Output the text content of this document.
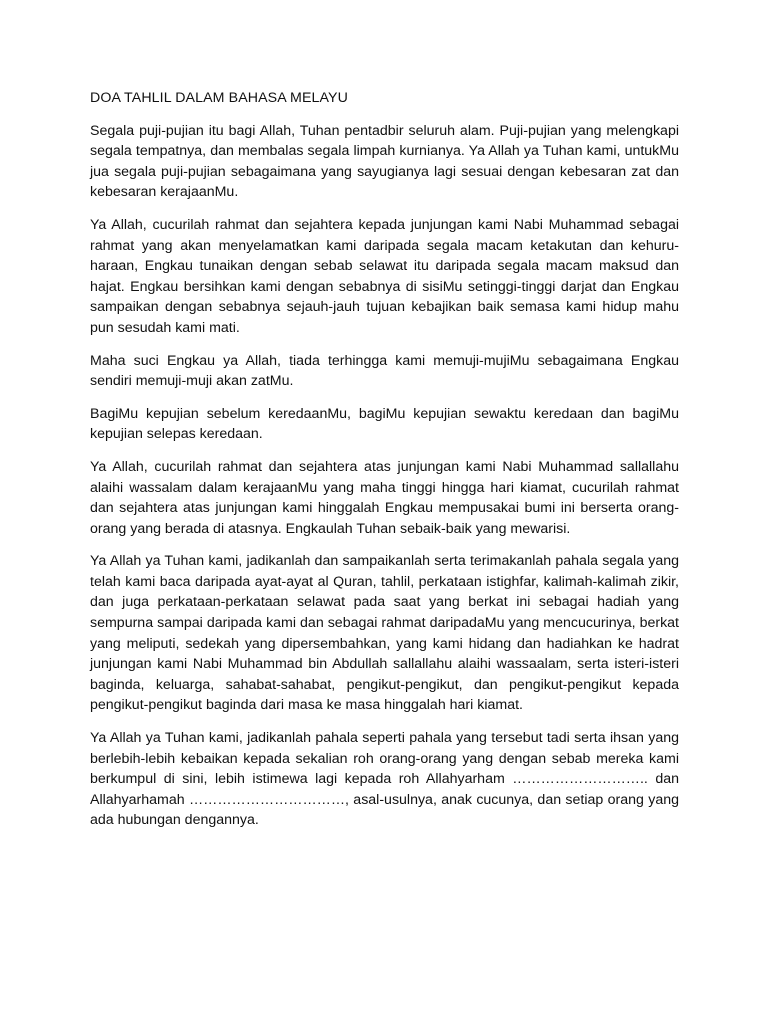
DOA TAHLIL DALAM BAHASA MELAYU

Segala puji-pujian itu bagi Allah, Tuhan pentadbir seluruh alam. Puji-pujian yang melengkapi segala tempatnya, dan membalas segala limpah kurnianya. Ya Allah ya Tuhan kami, untukMu jua segala puji-pujian sebagaimana yang sayugianya lagi sesuai dengan kebesaran zat dan kebesaran kerajaanMu.

Ya Allah, cucurilah rahmat dan sejahtera kepada junjungan kami Nabi Muhammad sebagai rahmat yang akan menyelamatkan kami daripada segala macam ketakutan dan kehuru-haraan, Engkau tunaikan dengan sebab selawat itu daripada segala macam maksud dan hajat. Engkau bersihkan kami dengan sebabnya di sisiMu setinggi-tinggi darjat dan Engkau sampaikan dengan sebabnya sejauh-jauh tujuan kebajikan baik semasa kami hidup mahu pun sesudah kami mati.

Maha suci Engkau ya Allah, tiada terhingga kami memuji-mujiMu sebagaimana Engkau sendiri memuji-muji akan zatMu.

BagiMu kepujian sebelum keredaanMu, bagiMu kepujian sewaktu keredaan dan bagiMu kepujian selepas keredaan.

Ya Allah, cucurilah rahmat dan sejahtera atas junjungan kami Nabi Muhammad sallallahu alaihi wassalam dalam kerajaanMu yang maha tinggi hingga hari kiamat, cucurilah rahmat dan sejahtera atas junjungan kami hinggalah Engkau mempusakai bumi ini berserta orang-orang yang berada di atasnya. Engkaulah Tuhan sebaik-baik yang mewarisi.

Ya Allah ya Tuhan kami, jadikanlah dan sampaikanlah serta terimakanlah pahala segala yang telah kami baca daripada ayat-ayat al Quran, tahlil, perkataan istighfar, kalimah-kalimah zikir, dan juga perkataan-perkataan selawat pada saat yang berkat ini sebagai hadiah yang sempurna sampai daripada kami dan sebagai rahmat daripadaMu yang mencucurinya, berkat yang meliputi, sedekah yang dipersembahkan, yang kami hidang dan hadiahkan ke hadrat junjungan kami Nabi Muhammad bin Abdullah sallallahu alaihi wassaalam, serta isteri-isteri baginda, keluarga, sahabat-sahabat, pengikut-pengikut, dan pengikut-pengikut kepada pengikut-pengikut baginda dari masa ke masa hinggalah hari kiamat.

Ya Allah ya Tuhan kami, jadikanlah pahala seperti pahala yang tersebut tadi serta ihsan yang berlebih-lebih kebaikan kepada sekalian roh orang-orang yang dengan sebab mereka kami berkumpul di sini, lebih istimewa lagi kepada roh Allahyarham ……………………….. dan Allahyarhamah ……………………………, asal-usulnya, anak cucunya, dan setiap orang yang ada hubungan dengannya.
